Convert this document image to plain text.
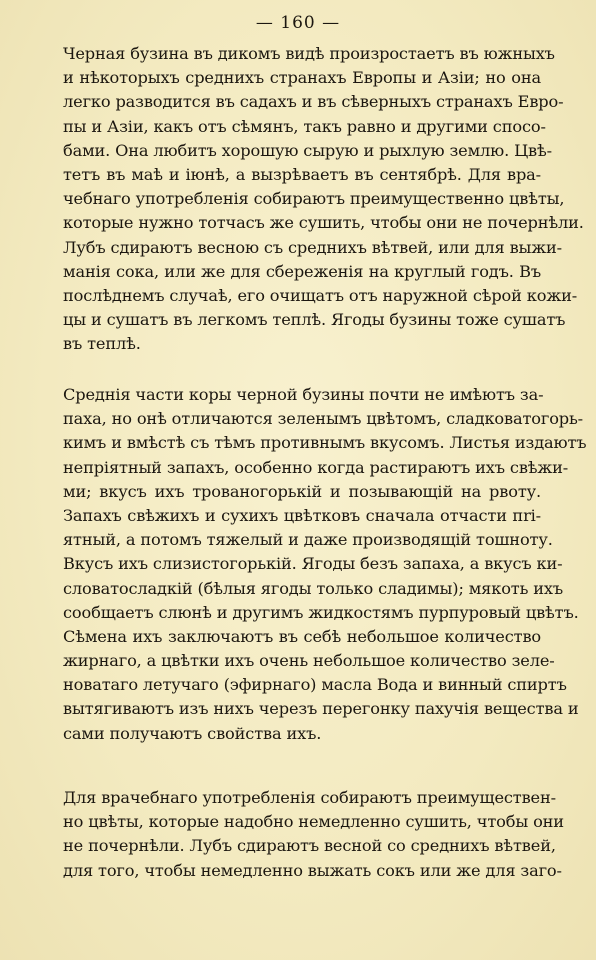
— 160 —
Черная бузина въ дикомъ видѣ произростаетъ въ южныхъ
и нѣкоторыхъ среднихъ странахъ Европы и Азіи; но она
легко разводится въ садахъ и въ сѣверныхъ странахъ Евро-
пы и Азіи, какъ отъ сѣмянъ, такъ равно и другими спосо-
бами. Она любитъ хорошую сырую и рыхлую землю. Цвѣ-
тетъ въ маѣ и іюнѣ, а вызрѣваетъ въ сентябрѣ. Для вра-
чебнаго употребленія собираютъ преимущественно цвѣты,
которые нужно тотчасъ же сушить, чтобы они не почернѣли.
Лубъ сдираютъ весною съ среднихъ вѣтвей, или для выжи-
манія сока, или же для сбереженія на круглый годъ. Въ
послѣднемъ случаѣ, его очищатъ отъ наружной сѣрой кожи-
цы и сушатъ въ легкомъ теплѣ. Ягоды бузины тоже сушатъ
въ теплѣ.
Среднія части коры черной бузины почти не имѣютъ за-
паха, но онѣ отличаются зеленымъ цвѣтомъ, сладковатогорь-
кимъ и вмѣстѣ съ тѣмъ противнымъ вкусомъ. Листья издаютъ
непріятный запахъ, особенно когда растираютъ ихъ свѣжи-
ми; вкусъ ихъ трованогорькій и позывающій на рвоту.
Запахъ свѣжихъ и сухихъ цвѣтковъ сначала отчасти пrі-
ятный, а потомъ тяжелый и даже производящій тошноту.
Вкусъ ихъ слизистогорькій. Ягоды безъ запаха, а вкусъ ки-
словатосладкій (бѣлыя ягоды только сладимы); мякоть ихъ
сообщаетъ слюнѣ и другимъ жидкостямъ пурпуровый цвѣтъ.
Сѣмена ихъ заключаютъ въ себѣ небольшое количество
жирнаго, а цвѣтки ихъ очень небольшое количество зеле-
новатаго летучаго (эфирнаго) масла Вода и винный спиртъ
вытягиваютъ изъ нихъ черезъ перегонку пахучія вещества и
сами получаютъ свойства ихъ.
Для врачебнаго употребленія собираютъ преимуществен-
но цвѣты, которые надобно немедленно сушить, чтобы они
не почернѣли. Лубъ сдираютъ весной со среднихъ вѣтвей,
для того, чтобы немедленно выжать сокъ или же для заго-
